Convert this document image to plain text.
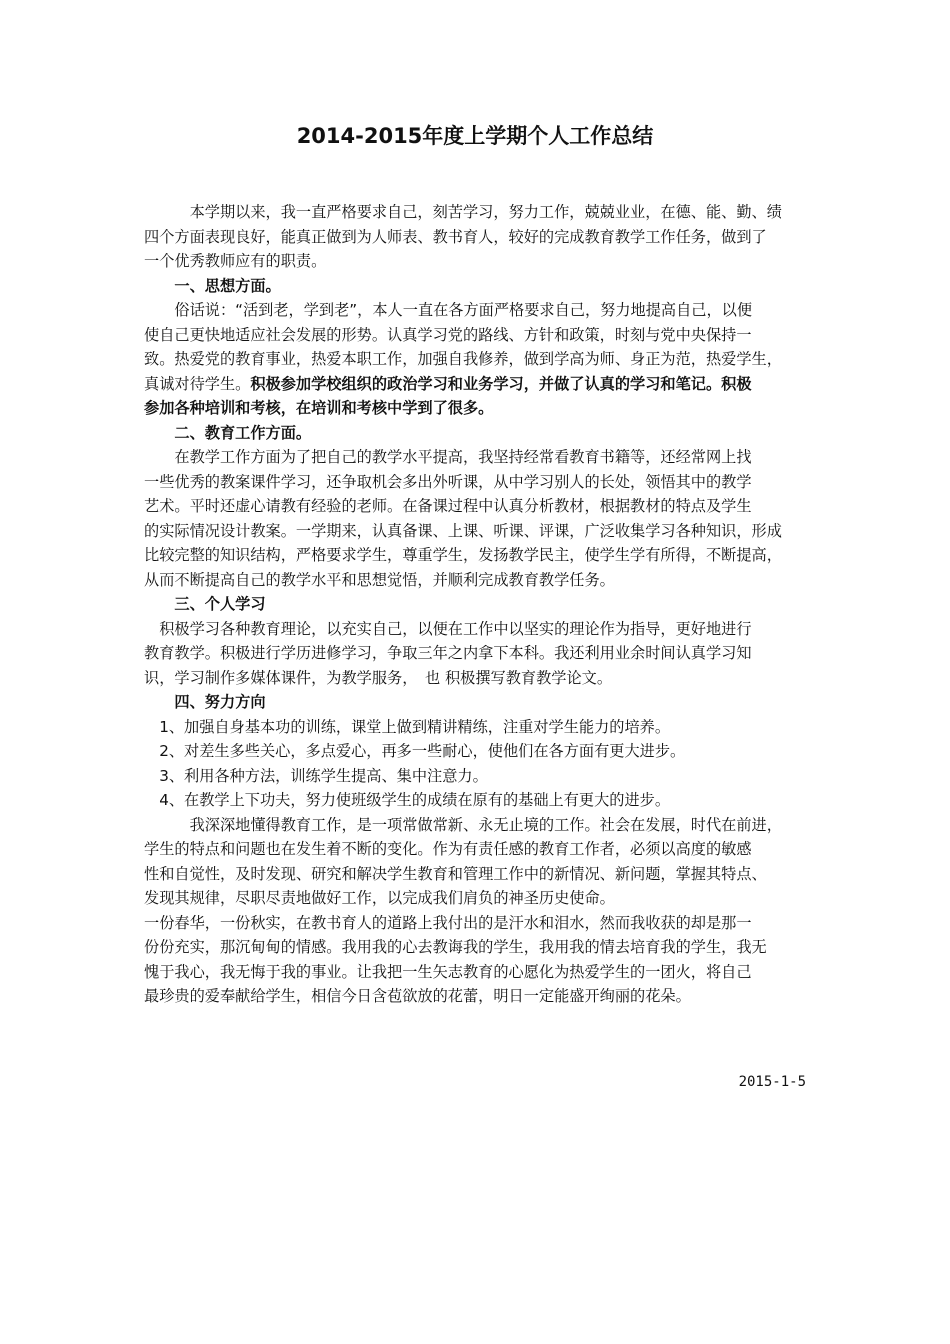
2014-2015年度上学期个人工作总结
　　　本学期以来，我一直严格要求自己，刻苦学习，努力工作，兢兢业业，在德、能、勤、绩
四个方面表现良好，能真正做到为人师表、教书育人，较好的完成教育教学工作任务，做到了
一个优秀教师应有的职责。
　　一、思想方面。
　　俗话说：“活到老，学到老”，本人一直在各方面严格要求自己，努力地提高自己，以便
使自己更快地适应社会发展的形势。认真学习党的路线、方针和政策，时刻与党中央保持一
致。热爱党的教育事业，热爱本职工作，加强自我修养，做到学高为师、身正为范，热爱学生，
真诚对待学生。积极参加学校组织的政治学习和业务学习，并做了认真的学习和笔记。积极
参加各种培训和考核，在培训和考核中学到了很多。
　　二、教育工作方面。
　　在教学工作方面为了把自己的教学水平提高，我坚持经常看教育书籍等，还经常网上找
一些优秀的教案课件学习，还争取机会多出外听课，从中学习别人的长处，领悟其中的教学
艺术。平时还虚心请教有经验的老师。在备课过程中认真分析教材，根据教材的特点及学生
的实际情况设计教案。一学期来，认真备课、上课、听课、评课，广泛收集学习各种知识，形成
比较完整的知识结构，严格要求学生，尊重学生，发扬教学民主，使学生学有所得，不断提高，
从而不断提高自己的教学水平和思想觉悟，并顺利完成教育教学任务。
　　三、个人学习
　积极学习各种教育理论，以充实自己，以便在工作中以坚实的理论作为指导，更好地进行
教育教学。积极进行学历进修学习，争取三年之内拿下本科。我还利用业余时间认真学习知
识，学习制作多媒体课件，为教学服务，　也 积极撰写教育教学论文。
　　四、努力方向
　1、加强自身基本功的训练，课堂上做到精讲精练，注重对学生能力的培养。
　2、对差生多些关心，多点爱心，再多一些耐心，使他们在各方面有更大进步。
　3、利用各种方法，训练学生提高、集中注意力。
　4、在教学上下功夫，努力使班级学生的成绩在原有的基础上有更大的进步。
　　　我深深地懂得教育工作，是一项常做常新、永无止境的工作。社会在发展，时代在前进，
学生的特点和问题也在发生着不断的变化。作为有责任感的教育工作者，必须以高度的敏感
性和自觉性，及时发现、研究和解决学生教育和管理工作中的新情况、新问题，掌握其特点、
发现其规律，尽职尽责地做好工作，以完成我们肩负的神圣历史使命。
一份春华，一份秋实，在教书育人的道路上我付出的是汗水和泪水，然而我收获的却是那一
份份充实，那沉甸甸的情感。我用我的心去教诲我的学生，我用我的情去培育我的学生，我无
愧于我心，我无悔于我的事业。让我把一生矢志教育的心愿化为热爱学生的一团火，将自己
最珍贵的爱奉献给学生，相信今日含苞欲放的花蕾，明日一定能盛开绚丽的花朵。
2015-1-5
